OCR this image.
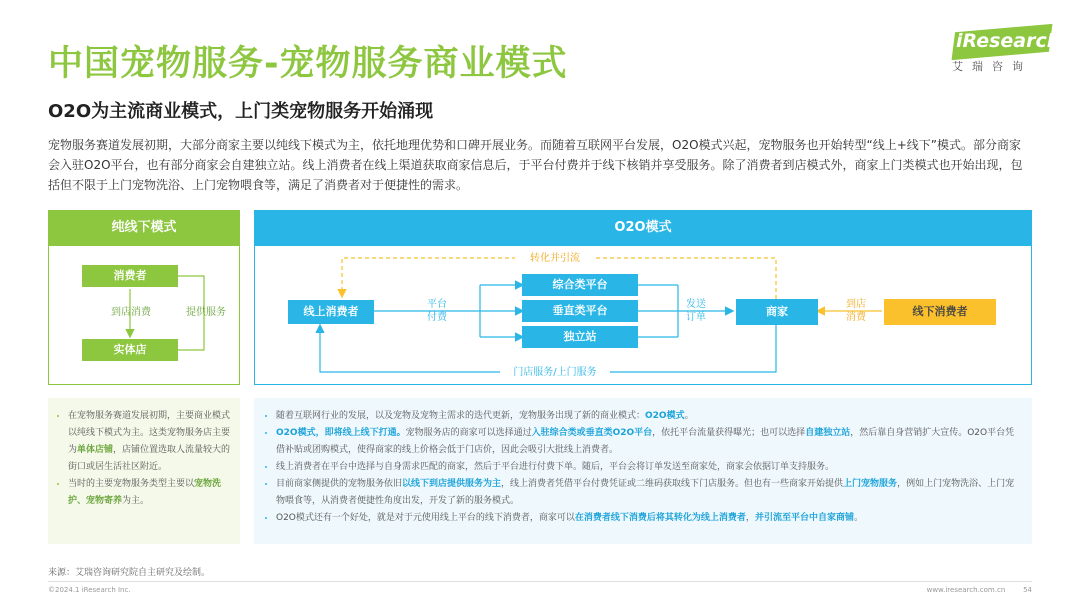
中国宠物服务-宠物服务商业模式
O2O为主流商业模式，上门类宠物服务开始涌现
宠物服务赛道发展初期，大部分商家主要以纯线下模式为主，依托地理优势和口碑开展业务。而随着互联网平台发展，O2O模式兴起，宠物服务也开始转型“线上+线下”模式。部分商家会入驻O2O平台，也有部分商家会自建独立站。线上消费者在线上渠道获取商家信息后，于平台付费并于线下核销并享受服务。除了消费者到店模式外，商家上门类模式也开始出现，包括但不限于上门宠物洗浴、上门宠物喂食等，满足了消费者对于便捷性的需求。
iResearch
艾瑞咨询
纯线下模式
消费者
实体店
到店消费	提供服务
O2O模式
线上消费者
综合类平台
垂直类平台
独立站
商家	线下消费者
平台
付费
发送
订单
到店
消费
转化并引流
门店服务/上门服务
• 在宠物服务赛道发展初期，主要商业模式以纯线下模式为主。这类宠物服务店主要为单体店铺，店铺位置选取人流量较大的街口或居生活社区附近。
• 当时的主要宠物服务类型主要以宠物洗护、宠物寄养为主。
• 随着互联网行业的发展，以及宠物及宠物主需求的迭代更新，宠物服务出现了新的商业模式：O2O模式。
• O2O模式，即将线上线下打通。宠物服务店的商家可以选择通过入驻综合类或垂直类O2O平台，依托平台流量获得曝光；也可以选择自建独立站，然后靠自身营销扩大宣传。O2O平台凭借补贴或团购模式，使得商家的线上价格会低于门店价，因此会吸引大批线上消费者。
• 线上消费者在平台中选择与自身需求匹配的商家，然后于平台进行付费下单。随后，平台会将订单发送至商家处，商家会依据订单支持服务。
• 目前商家侧提供的宠物服务依旧以线下到店提供服务为主，线上消费者凭借平台付费凭证或二维码获取线下门店服务。但也有一些商家开始提供上门宠物服务，例如上门宠物洗浴、上门宠物喂食等，从消费者便捷性角度出发，开发了新的服务模式。
• O2O模式还有一个好处，就是对于元使用线上平台的线下消费者，商家可以在消费者线下消费后将其转化为线上消费者，并引流至平台中自家商铺。
来源：艾瑞咨询研究院自主研究及绘制。
©2024.1 iResearch Inc.	www.iresearch.com.cn	54
